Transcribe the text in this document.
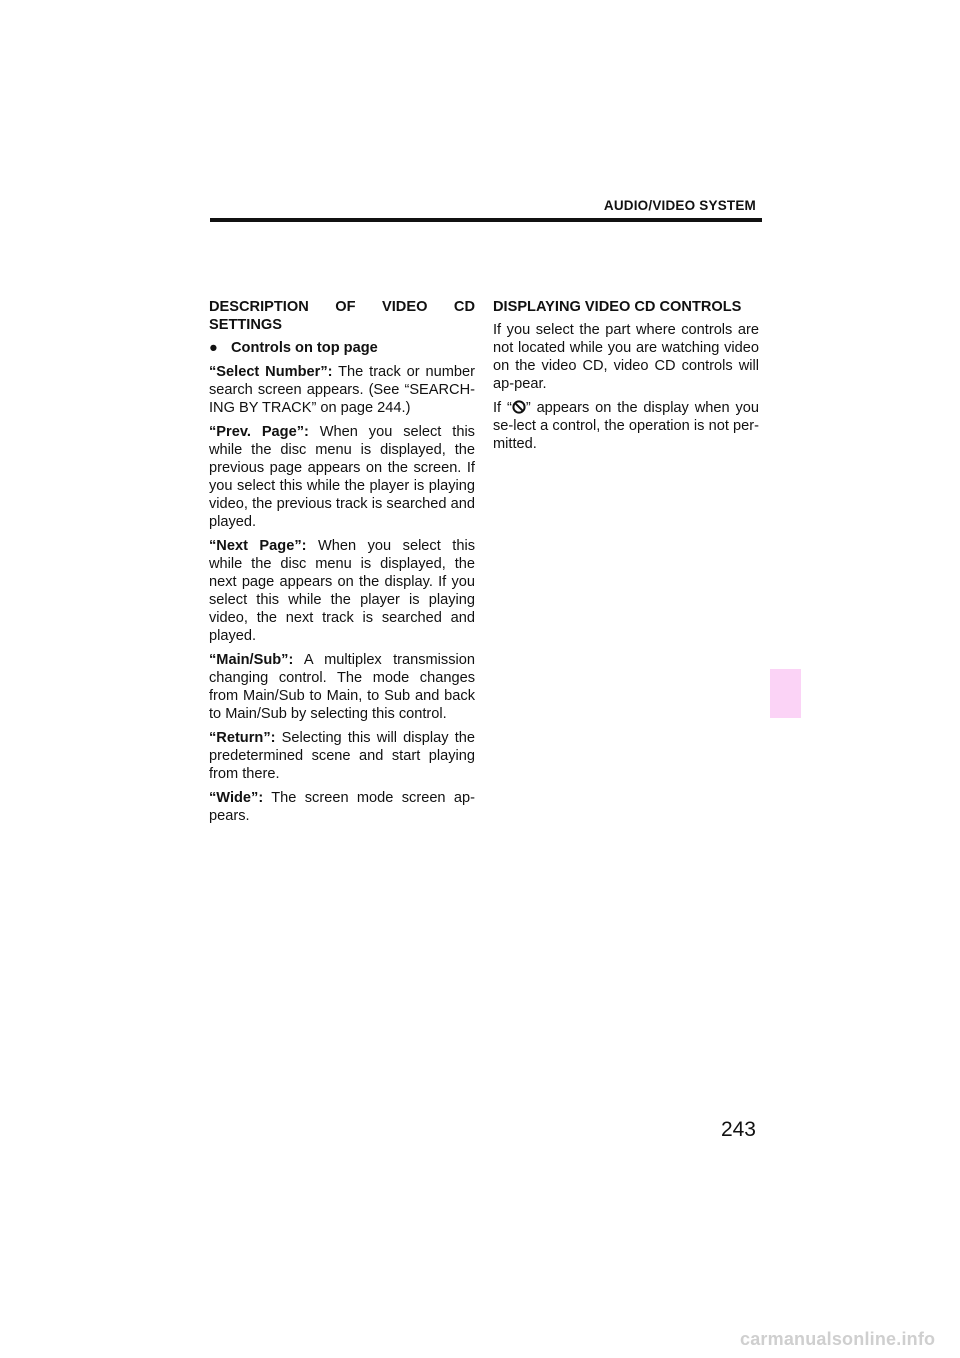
AUDIO/VIDEO SYSTEM
DESCRIPTION OF VIDEO CD SETTINGS
● Controls on top page

“Select Number”: The track or number search screen appears. (See “SEARCH-ING BY TRACK” on page 244.)

“Prev. Page”: When you select this while the disc menu is displayed, the previous page appears on the screen. If you select this while the player is playing video, the previous track is searched and played.

“Next Page”: When you select this while the disc menu is displayed, the next page appears on the display. If you select this while the player is playing video, the next track is searched and played.

“Main/Sub”: A multiplex transmission changing control. The mode changes from Main/Sub to Main, to Sub and back to Main/Sub by selecting this control.

“Return”: Selecting this will display the predetermined scene and start playing from there.

“Wide”: The screen mode screen ap-pears.

DISPLAYING VIDEO CD CONTROLS

If you select the part where controls are not located while you are watching video on the video CD, video CD controls will ap-pear.

If “ ” appears on the display when you se-lect a control, the operation is not per-mitted.

243
carmanualsonline.info
